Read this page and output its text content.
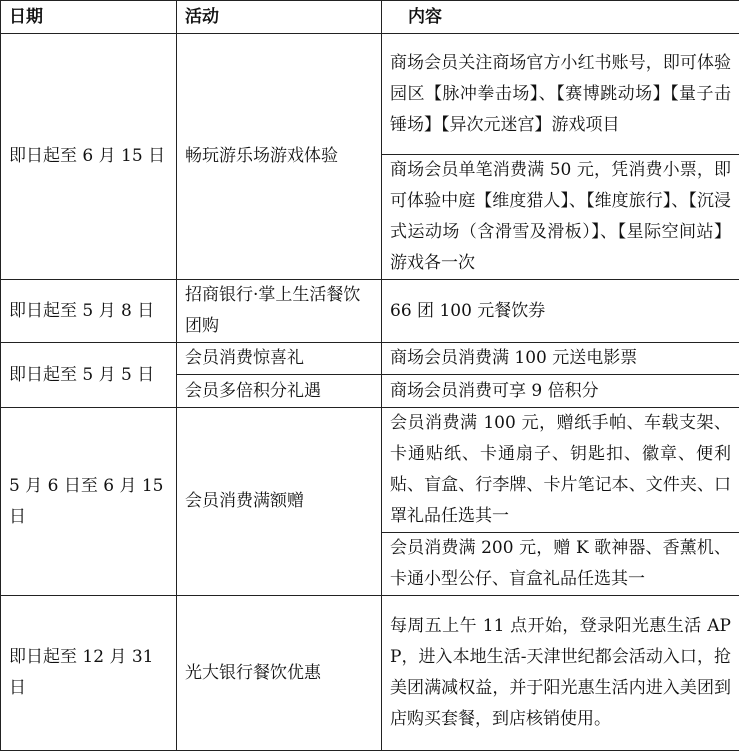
日期	活动	内容
即日起至 6 月 15 日	畅玩游乐场游戏体验	商场会员关注商场官方小红书账号，即可体验园区【脉冲拳击场】、【赛博跳动场】【量子击锤场】【异次元迷宫】游戏项目
		商场会员单笔消费满 50 元，凭消费小票，即可体验中庭【维度猎人】、【维度旅行】、【沉浸式运动场（含滑雪及滑板）】、【星际空间站】游戏各一次
即日起至 5 月 8 日	招商银行·掌上生活餐饮团购	66 团 100 元餐饮券
即日起至 5 月 5 日	会员消费惊喜礼	商场会员消费满 100 元送电影票
	会员多倍积分礼遇	商场会员消费可享 9 倍积分
5 月 6 日至 6 月 15 日	会员消费满额赠	会员消费满 100 元，赠纸手帕、车载支架、卡通贴纸、卡通扇子、钥匙扣、徽章、便利贴、盲盒、行李牌、卡片笔记本、文件夹、口罩礼品任选其一
		会员消费满 200 元，赠 K 歌神器、香薰机、卡通小型公仔、盲盒礼品任选其一
即日起至 12 月 31 日	光大银行餐饮优惠	每周五上午 11 点开始，登录阳光惠生活 APP，进入本地生活-天津世纪都会活动入口，抢美团满减权益，并于阳光惠生活内进入美团到店购买套餐，到店核销使用。
